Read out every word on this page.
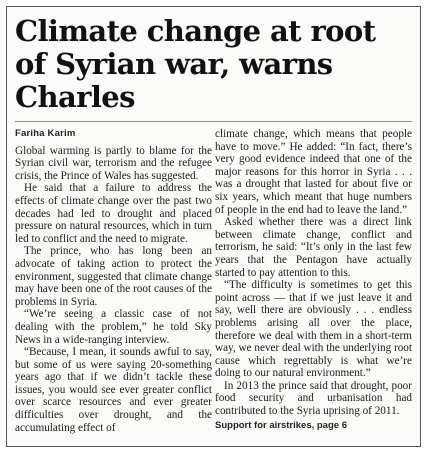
Climate change at root of Syrian war, warns Charles
Fariha Karim

Global warming is partly to blame for the Syrian civil war, terrorism and the refugee crisis, the Prince of Wales has suggested.

He said that a failure to address the effects of climate change over the past two decades had led to drought and placed pressure on natural resources, which in turn led to conflict and the need to migrate.

The prince, who has long been an advocate of taking action to protect the environment, suggested that climate change may have been one of the root causes of the problems in Syria.

“We’re seeing a classic case of not dealing with the problem,” he told Sky News in a wide-ranging interview.

“Because, I mean, it sounds awful to say, but some of us were saying 20-something years ago that if we didn’t tackle these issues, you would see ever greater conflict over scarce resources and ever greater difficulties over drought, and the accumulating effect of

climate change, which means that people have to move.” He added: “In fact, there’s very good evidence indeed that one of the major reasons for this horror in Syria . . . was a drought that lasted for about five or six years, which meant that huge numbers of people in the end had to leave the land.”

Asked whether there was a direct link between climate change, conflict and terrorism, he said: “It’s only in the last few years that the Pentagon have actually started to pay attention to this.

“The difficulty is sometimes to get this point across — that if we just leave it and say, well there are obviously . . . endless problems arising all over the place, therefore we deal with them in a short-term way, we never deal with the underlying root cause which regrettably is what we’re doing to our natural environment.”

In 2013 the prince said that drought, poor food security and urbanisation had contributed to the Syria uprising of 2011.

Support for airstrikes, page 6
